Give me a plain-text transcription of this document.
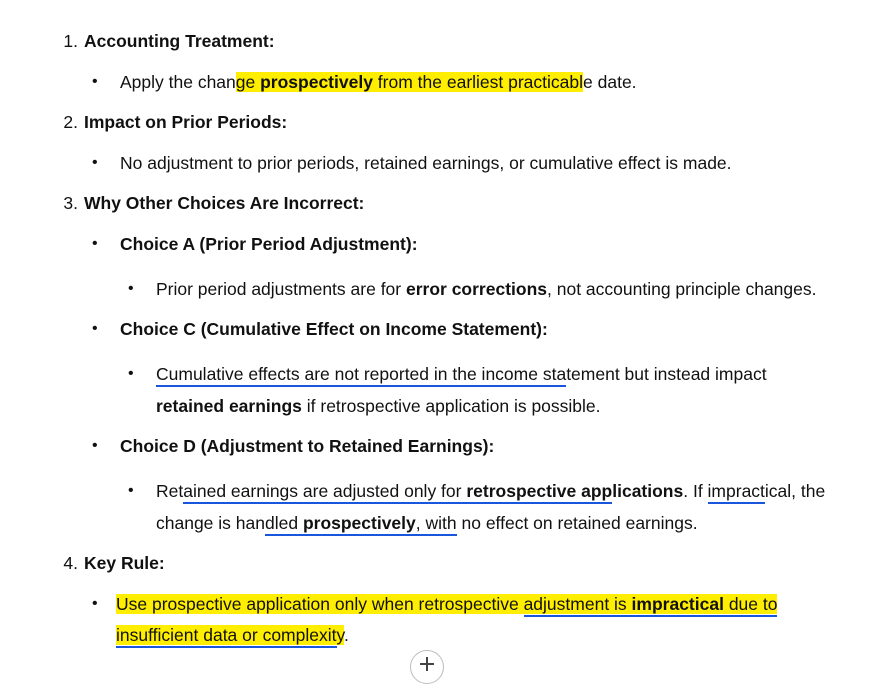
1. Accounting Treatment:
• Apply the change prospectively from the earliest practicable date.
2. Impact on Prior Periods:
• No adjustment to prior periods, retained earnings, or cumulative effect is made.
3. Why Other Choices Are Incorrect:
• Choice A (Prior Period Adjustment):
• Prior period adjustments are for error corrections, not accounting principle changes.
• Choice C (Cumulative Effect on Income Statement):
• Cumulative effects are not reported in the income statement but instead impact
retained earnings if retrospective application is possible.
• Choice D (Adjustment to Retained Earnings):
• Retained earnings are adjusted only for retrospective applications. If impractical, the
change is handled prospectively, with no effect on retained earnings.
4. Key Rule:
• Use prospective application only when retrospective adjustment is impractical due to
insufficient data or complexity.
